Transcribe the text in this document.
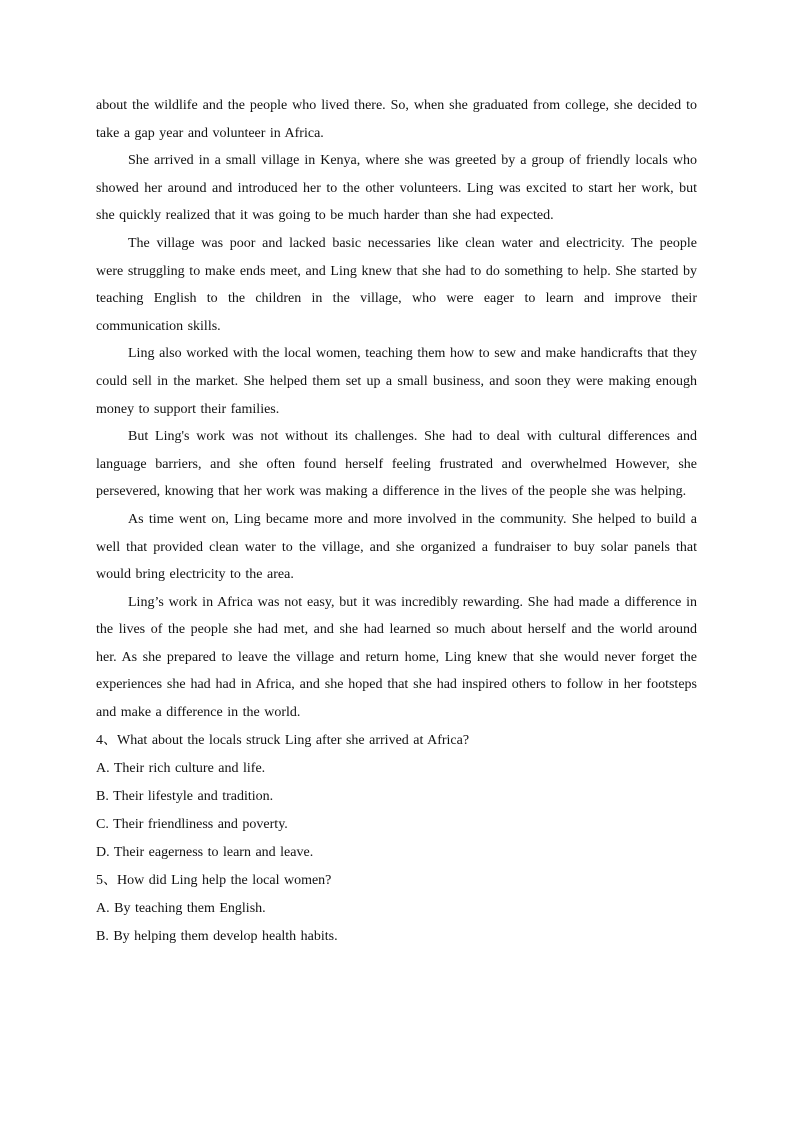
about the wildlife and the people who lived there. So, when she graduated from college, she decided to take a gap year and volunteer in Africa.

She arrived in a small village in Kenya, where she was greeted by a group of friendly locals who showed her around and introduced her to the other volunteers. Ling was excited to start her work, but she quickly realized that it was going to be much harder than she had expected.

The village was poor and lacked basic necessaries like clean water and electricity. The people were struggling to make ends meet, and Ling knew that she had to do something to help. She started by teaching English to the children in the village, who were eager to learn and improve their communication skills.

Ling also worked with the local women, teaching them how to sew and make handicrafts that they could sell in the market. She helped them set up a small business, and soon they were making enough money to support their families.

But Ling's work was not without its challenges. She had to deal with cultural differences and language barriers, and she often found herself feeling frustrated and overwhelmed However, she persevered, knowing that her work was making a difference in the lives of the people she was helping.

As time went on, Ling became more and more involved in the community. She helped to build a well that provided clean water to the village, and she organized a fundraiser to buy solar panels that would bring electricity to the area.

Ling’s work in Africa was not easy, but it was incredibly rewarding. She had made a difference in the lives of the people she had met, and she had learned so much about herself and the world around her. As she prepared to leave the village and return home, Ling knew that she would never forget the experiences she had had in Africa, and she hoped that she had inspired others to follow in her footsteps and make a difference in the world.

4、What about the locals struck Ling after she arrived at Africa?

A. Their rich culture and life.
B. Their lifestyle and tradition.
C. Their friendliness and poverty.
D. Their eagerness to learn and leave.

5、How did Ling help the local women?

A. By teaching them English.
B. By helping them develop health habits.
